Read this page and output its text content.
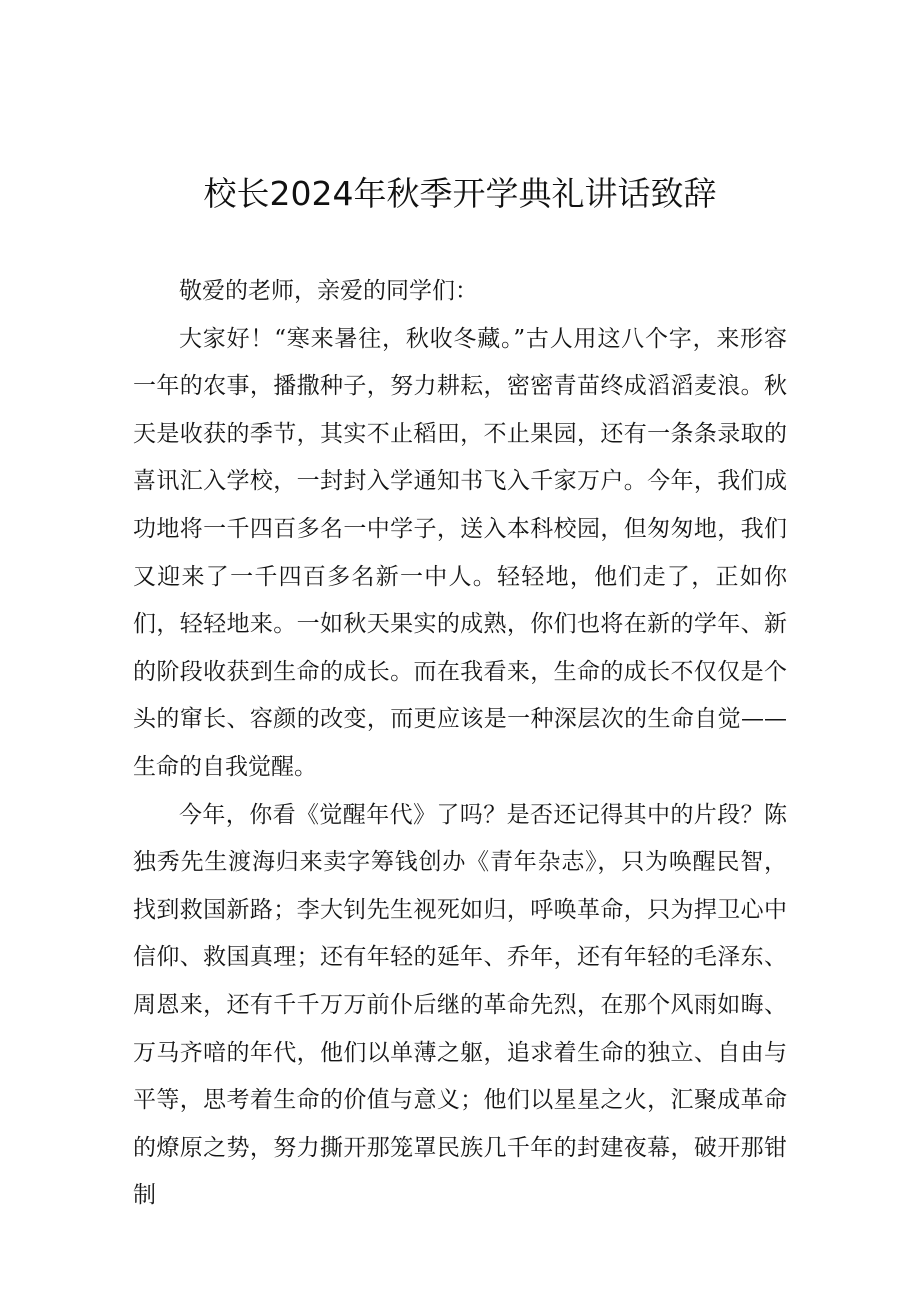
校长2024年秋季开学典礼讲话致辞

敬爱的老师，亲爱的同学们：

大家好！“寒来暑往，秋收冬藏。”古人用这八个字，来形容一年的农事，播撒种子，努力耕耘，密密青苗终成滔滔麦浪。秋天是收获的季节，其实不止稻田，不止果园，还有一条条录取的喜讯汇入学校，一封封入学通知书飞入千家万户。今年，我们成功地将一千四百多名一中学子，送入本科校园，但匆匆地，我们又迎来了一千四百多名新一中人。轻轻地，他们走了，正如你们，轻轻地来。一如秋天果实的成熟，你们也将在新的学年、新的阶段收获到生命的成长。而在我看来，生命的成长不仅仅是个头的窜长、容颜的改变，而更应该是一种深层次的生命自觉——生命的自我觉醒。

今年，你看《觉醒年代》了吗？是否还记得其中的片段？陈独秀先生渡海归来卖字筹钱创办《青年杂志》，只为唤醒民智，找到救国新路；李大钊先生视死如归，呼唤革命，只为捍卫心中信仰、救国真理；还有年轻的延年、乔年，还有年轻的毛泽东、周恩来，还有千千万万前仆后继的革命先烈，在那个风雨如晦、万马齐喑的年代，他们以单薄之躯，追求着生命的独立、自由与平等，思考着生命的价值与意义；他们以星星之火，汇聚成革命的燎原之势，努力撕开那笼罩民族几千年的封建夜幕，破开那钳制
